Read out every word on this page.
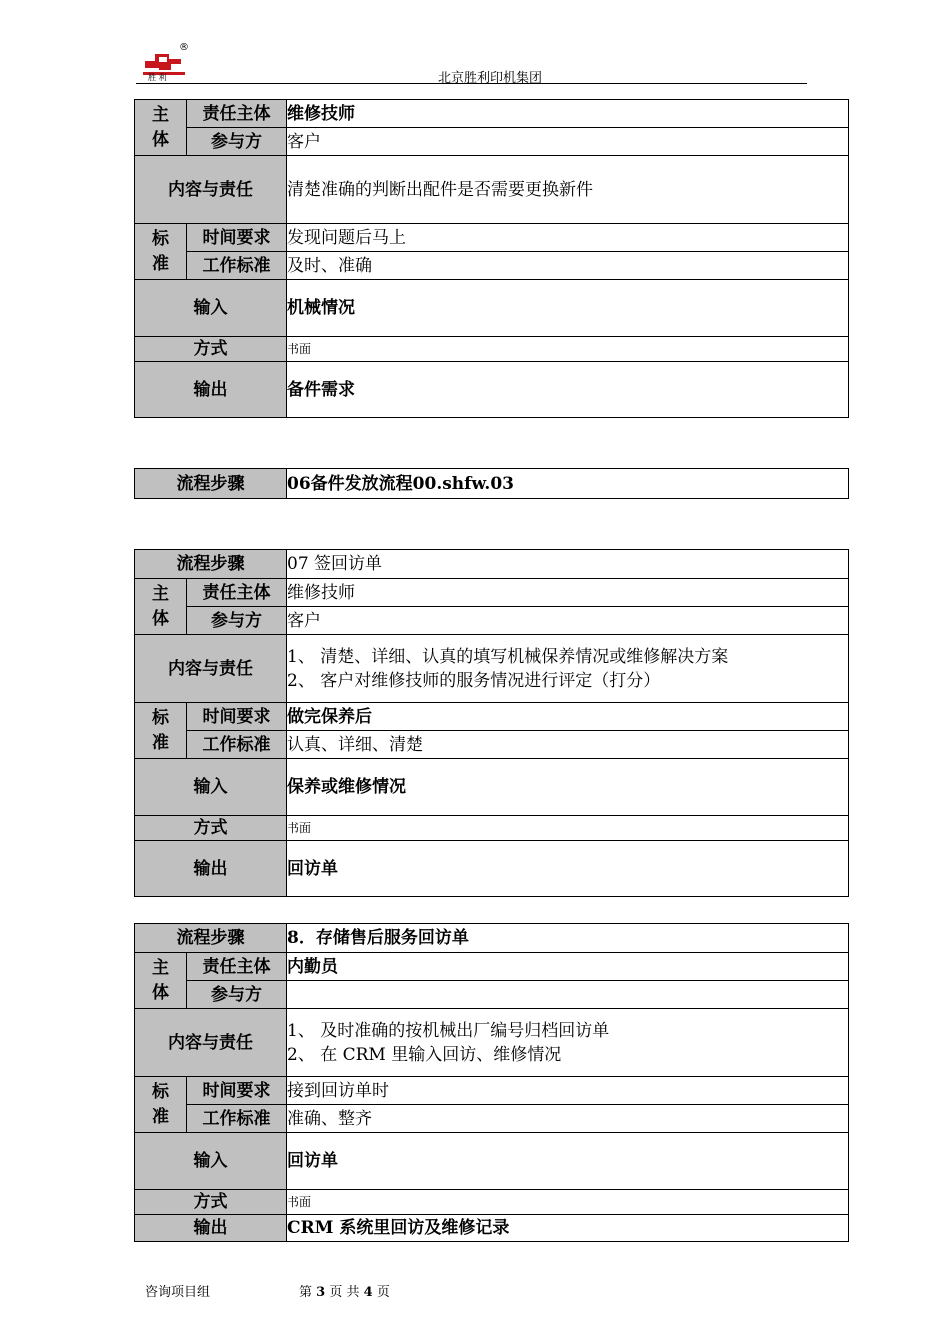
®
胜 利	北京胜利印机集团
主
体	责任主体	维修技师
	参与方	客户
内容与责任		清楚准确的判断出配件是否需要更换新件

标
准	时间要求	发现问题后马上
	工作标准	及时、准确
输入		机械情况
方式		书面
输出		备件需求
流程步骤	06备件发放流程00.shfw.03
流程步骤		07 签回访单

主
体	责任主体	维修技师
	参与方	客户
内容与责任		1、 清楚、详细、认真的填写机械保养情况或维修解决方案
2、 客户对维修技师的服务情况进行评定（打分）

标
准	时间要求	做完保养后
	工作标准	认真、详细、清楚
输入		保养或维修情况
方式		书面
输出		回访单
流程步骤		8．存储售后服务回访单

主
体	责任主体	内勤员
	参与方	
内容与责任		1、 及时准确的按机械出厂编号归档回访单
2、 在 CRM 里输入回访、维修情况

标
准	时间要求	接到回访单时
	工作标准	准确、整齐
输入		回访单
方式		书面
输出		CRM 系统里回访及维修记录
咨询项目组	第 3 页 共 4 页
